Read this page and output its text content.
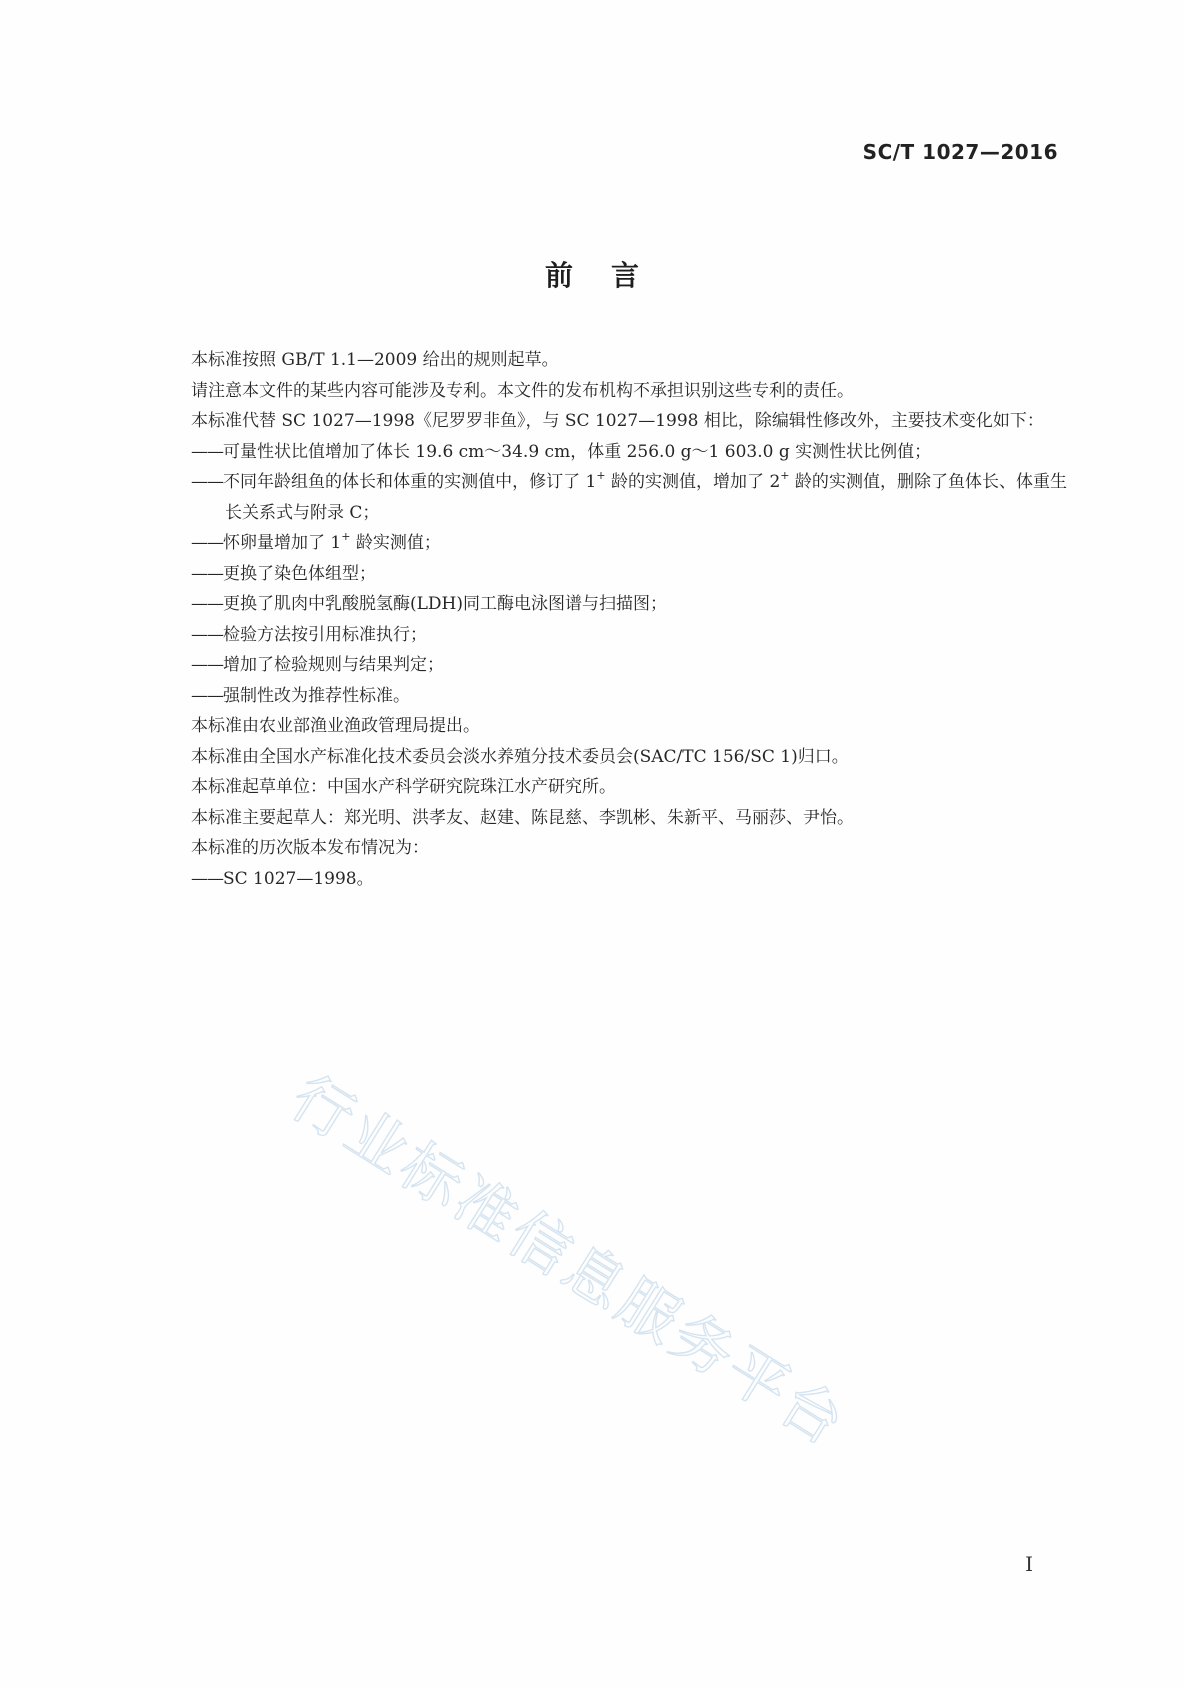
SC/T 1027—2016
前言

本标准按照 GB/T 1.1—2009 给出的规则起草。

请注意本文件的某些内容可能涉及专利。本文件的发布机构不承担识别这些专利的责任。

本标准代替 SC 1027—1998《尼罗罗非鱼》，与 SC 1027—1998 相比，除编辑性修改外，主要技术变化如下：

——可量性状比值增加了体长 19.6 cm～34.9 cm，体重 256.0 g～1 603.0 g 实测性状比例值；

——不同年龄组鱼的体长和体重的实测值中，修订了 1+ 龄的实测值，增加了 2+ 龄的实测值，删除了鱼体长、体重生长关系式与附录 C；

——怀卵量增加了 1+ 龄实测值；

——更换了染色体组型；

——更换了肌肉中乳酸脱氢酶(LDH)同工酶电泳图谱与扫描图；

——检验方法按引用标准执行；

——增加了检验规则与结果判定；

——强制性改为推荐性标准。

本标准由农业部渔业渔政管理局提出。

本标准由全国水产标准化技术委员会淡水养殖分技术委员会(SAC/TC 156/SC 1)归口。

本标准起草单位：中国水产科学研究院珠江水产研究所。

本标准主要起草人：郑光明、洪孝友、赵建、陈昆慈、李凯彬、朱新平、马丽莎、尹怡。

本标准的历次版本发布情况为：

——SC 1027—1998。

行业标准信息服务平台
I
